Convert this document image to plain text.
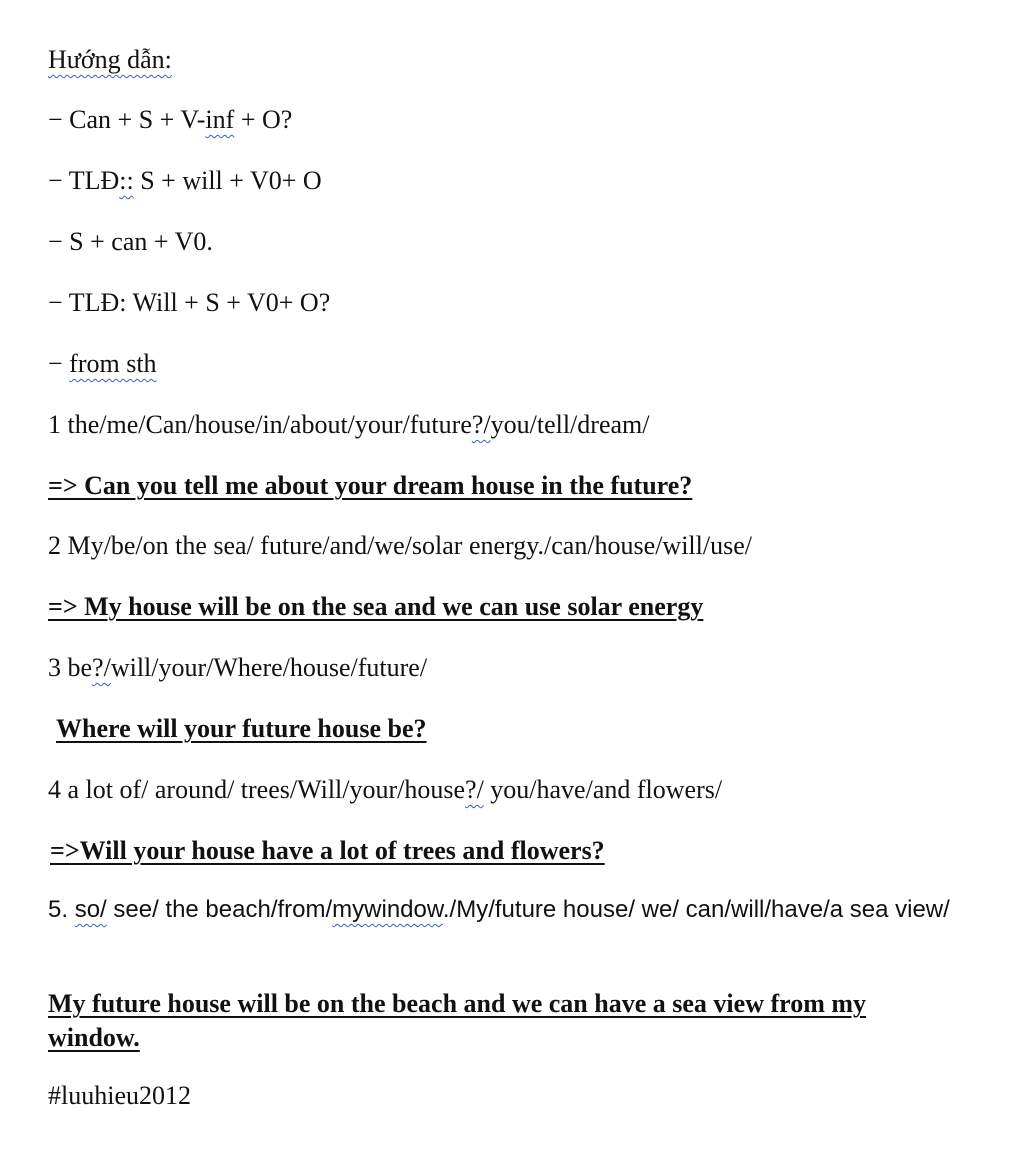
Hướng dẫn:
− Can + S + V-inf + O?
− TLĐ:: S + will + V0+ O
− S + can + V0.
− TLĐ: Will + S + V0+ O?
− from sth
1 the/me/Can/house/in/about/your/future?/you/tell/dream/
=> Can you tell me about your dream house in the future?
2 My/be/on the sea/ future/and/we/solar energy./can/house/will/use/
=> My house will be on the sea and we can use solar energy
3 be?/will/your/Where/house/future/
Where will your future house be?
4 a lot of/ around/ trees/Will/your/house?/ you/have/and flowers/
=>Will your house have a lot of trees and flowers?
5. so/ see/ the beach/from/mywindow./My/future house/ we/ can/will/have/a sea view/
My future house will be on the beach and we can have a sea view from my window.
#luuhieu2012
